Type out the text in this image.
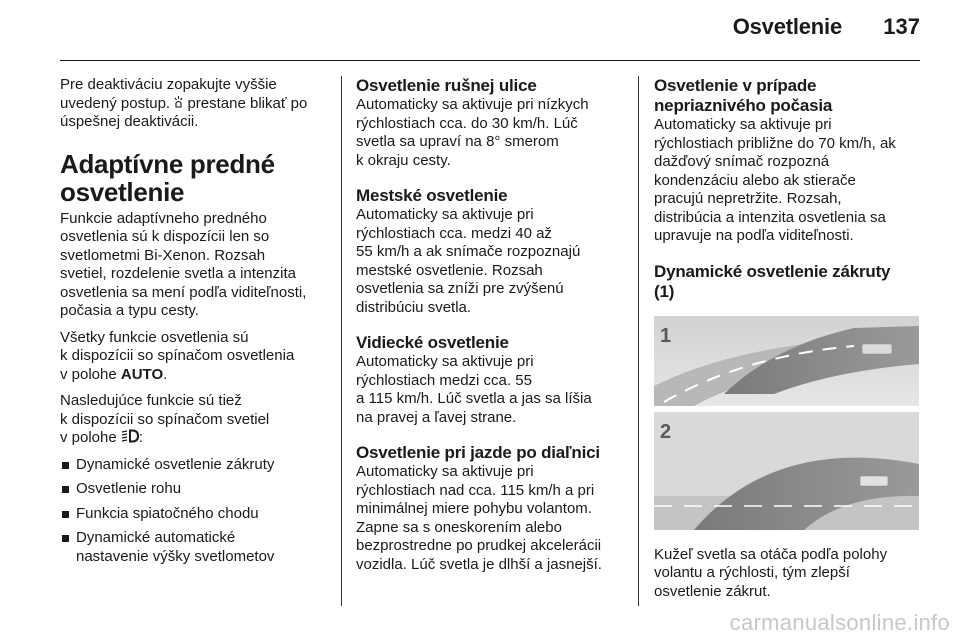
Osvetlenie 137

Pre deaktiváciu zopakujte vyššie
uvedený postup. prestane blikať po
úspešnej deaktivácii.

Adaptívne predné
osvetlenie

Funkcie adaptívneho predného
osvetlenia sú k dispozícii len so
svetlometmi Bi-Xenon. Rozsah
svetiel, rozdelenie svetla a intenzita
osvetlenia sa mení podľa viditeľnosti,
počasia a typu cesty.

Všetky funkcie osvetlenia sú
k dispozícii so spínačom osvetlenia
v polohe AUTO.

Nasledujúce funkcie sú tiež
k dispozícii so spínačom svetiel
v polohe :

Dynamické osvetlenie zákruty
Osvetlenie rohu
Funkcia spiatočného chodu
Dynamické automatické
nastavenie výšky svetlometov
Osvetlenie rušnej ulice

Automaticky sa aktivuje pri nízkych
rýchlostiach cca. do 30 km/h. Lúč
svetla sa upraví na 8° smerom
k okraju cesty.

Mestské osvetlenie

Automaticky sa aktivuje pri
rýchlostiach cca. medzi 40 až
55 km/h a ak snímače rozpoznajú
mestské osvetlenie. Rozsah
osvetlenia sa zníži pre zvýšenú
distribúciu svetla.

Vidiecké osvetlenie

Automaticky sa aktivuje pri
rýchlostiach medzi cca. 55
a 115 km/h. Lúč svetla a jas sa líšia
na pravej a ľavej strane.

Osvetlenie pri jazde po diaľnici

Automaticky sa aktivuje pri
rýchlostiach nad cca. 115 km/h a pri
minimálnej miere pohybu volantom.
Zapne sa s oneskorením alebo
bezprostredne po prudkej akcelerácii
vozidla. Lúč svetla je dlhší a jasnejší.

Osvetlenie v prípade
nepriaznivého počasia

Automaticky sa aktivuje pri
rýchlostiach približne do 70 km/h, ak
dažďový snímač rozpozná
kondenzáciu alebo ak stierače
pracujú nepretržite. Rozsah,
distribúcia a intenzita osvetlenia sa
upravuje na podľa viditeľnosti.

Dynamické osvetlenie zákruty
(1)
1
2

Kužeľ svetla sa otáča podľa polohy
volantu a rýchlosti, tým zlepší
osvetlenie zákrut.

carmanualsonline.info
